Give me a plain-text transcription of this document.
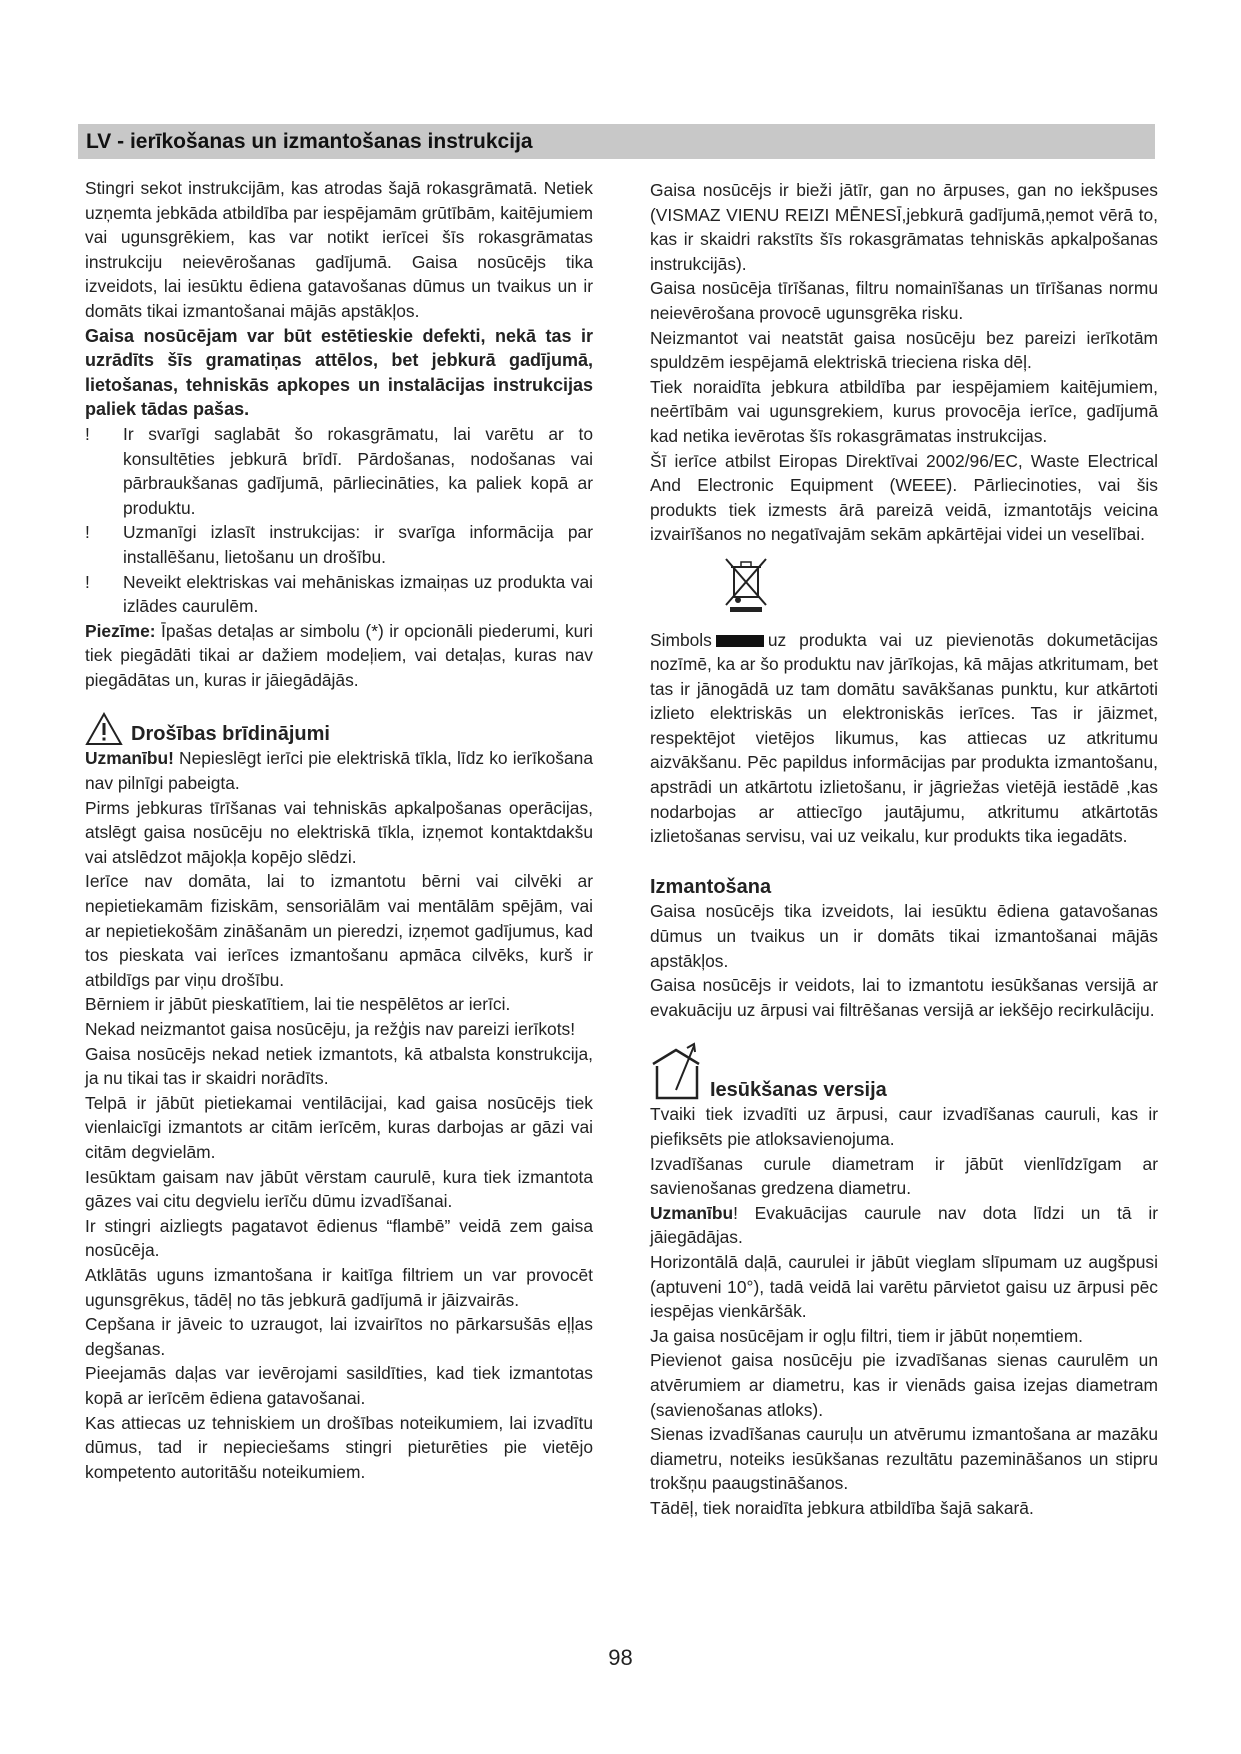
LV - ierīkošanas un izmantošanas instrukcija

Stingri sekot instrukcijām, kas atrodas šajā rokasgrāmatā. Netiek uzņemta jebkāda atbildība par iespējamām grūtībām, kaitējumiem vai ugunsgrēkiem, kas var notikt ierīcei šīs rokasgrāmatas instrukciju neievērošanas gadījumā. Gaisa nosūcējs tika izveidots, lai iesūktu ēdiena gatavošanas dūmus un tvaikus un ir domāts tikai izmantošanai mājās apstākļos.

Gaisa nosūcējam var būt estētieskie defekti, nekā tas ir uzrādīts šīs gramatiņas attēlos, bet jebkurā gadījumā, lietošanas, tehniskās apkopes un instalācijas instrukcijas paliek tādas pašas.

!	Ir svarīgi saglabāt šo rokasgrāmatu, lai varētu ar to konsultēties jebkurā brīdī. Pārdošanas, nodošanas vai pārbraukšanas gadījumā, pārliecināties, ka paliek kopā ar produktu.
!	Uzmanīgi izlasīt instrukcijas: ir svarīga informācija par installēšanu, lietošanu un drošību.
!	Neveikt elektriskas vai mehāniskas izmaiņas uz produkta vai izlādes caurulēm.

Piezīme: Īpašas detaļas ar simbolu (*) ir opcionāli piederumi, kuri tiek piegādāti tikai ar dažiem modeļiem, vai detaļas, kuras nav piegādātas un, kuras ir jāiegādājās.

Drošības brīdinājumi

Uzmanību! Nepieslēgt ierīci pie elektriskā tīkla, līdz ko ierīkošana nav pilnīgi pabeigta.

Pirms jebkuras tīrīšanas vai tehniskās apkalpošanas operācijas, atslēgt gaisa nosūcēju no elektriskā tīkla, izņemot kontaktdakšu vai atslēdzot mājokļa kopējo slēdzi.

Ierīce nav domāta, lai to izmantotu bērni vai cilvēki ar nepietiekamām fiziskām, sensoriālām vai mentālām spējām, vai ar nepietiekošām zināšanām un pieredzi, izņemot gadījumus, kad tos pieskata vai ierīces izmantošanu apmāca cilvēks, kurš ir atbildīgs par viņu drošību.

Bērniem ir jābūt pieskatītiem, lai tie nespēlētos ar ierīci.

Nekad neizmantot gaisa nosūcēju, ja režģis nav pareizi ierīkots!

Gaisa nosūcējs nekad netiek izmantots, kā atbalsta konstrukcija, ja nu tikai tas ir skaidri norādīts.

Telpā ir jābūt pietiekamai ventilācijai, kad gaisa nosūcējs tiek vienlaicīgi izmantots ar citām ierīcēm, kuras darbojas ar gāzi vai citām degvielām.

Iesūktam gaisam nav jābūt vērstam caurulē, kura tiek izmantota gāzes vai citu degvielu ierīču dūmu izvadīšanai.

Ir stingri aizliegts pagatavot ēdienus “flambē” veidā zem gaisa nosūcēja.

Atklātās uguns izmantošana ir kaitīga filtriem un var provocēt ugunsgrēkus, tādēļ no tās jebkurā gadījumā ir jāizvairās.

Cepšana ir jāveic to uzraugot, lai izvairītos no pārkarsušās eļļas degšanas.

Pieejamās daļas var ievērojami sasildīties, kad tiek izmantotas kopā ar ierīcēm ēdiena gatavošanai.

Kas attiecas uz tehniskiem un drošības noteikumiem, lai izvadītu dūmus, tad ir nepieciešams stingri pieturēties pie vietējo kompetento autoritāšu noteikumiem.

Gaisa nosūcējs ir bieži jātīr, gan no ārpuses, gan no iekšpuses (VISMAZ VIENU REIZI MĒNESĪ,jebkurā gadījumā,ņemot vērā to, kas ir skaidri rakstīts šīs rokasgrāmatas tehniskās apkalpošanas instrukcijās).

Gaisa nosūcēja tīrīšanas, filtru nomainīšanas un tīrīšanas normu neievērošana provocē ugunsgrēka risku.

Neizmantot vai neatstāt gaisa nosūcēju bez pareizi ierīkotām spuldzēm iespējamā elektriskā trieciena riska dēļ.

Tiek noraidīta jebkura atbildība par iespējamiem kaitējumiem, neērtībām vai ugunsgrekiem, kurus provocēja ierīce, gadījumā kad netika ievērotas šīs rokasgrāmatas instrukcijas.

Šī ierīce atbilst Eiropas Direktīvai 2002/96/EC, Waste Electrical And Electronic Equipment (WEEE). Pārliecinoties, vai šis produkts tiek izmests ārā pareizā veidā, izmantotājs veicina izvairīšanos no negatīvajām sekām apkārtējai videi un veselībai.

Simbols	uz produkta vai uz pievienotās dokumetācijas nozīmē, ka ar šo produktu nav jārīkojas, kā mājas atkritumam, bet tas ir jānogādā uz tam domātu savākšanas punktu, kur atkārtoti izlieto elektriskās un elektroniskās ierīces. Tas ir jāizmet, respektējot vietējos likumus, kas attiecas uz atkritumu aizvākšanu. Pēc papildus informācijas par produkta izmantošanu, apstrādi un atkārtotu izlietošanu, ir jāgriežas vietējā iestādē ,kas nodarbojas ar attiecīgo jautājumu, atkritumu atkārtotās izlietošanas servisu, vai uz veikalu, kur produkts tika iegadāts.

Izmantošana

Gaisa nosūcējs tika izveidots, lai iesūktu ēdiena gatavošanas dūmus un tvaikus un ir domāts tikai izmantošanai mājās apstākļos.

Gaisa nosūcējs ir veidots, lai to izmantotu iesūkšanas versijā ar evakuāciju uz ārpusi vai filtrēšanas versijā ar iekšējo recirkulāciju.

Iesūkšanas versija

Tvaiki tiek izvadīti uz ārpusi, caur izvadīšanas cauruli, kas ir piefiksēts pie atloksavienojuma.

Izvadīšanas curule diametram ir jābūt vienlīdzīgam ar savienošanas gredzena diametru.

Uzmanību! Evakuācijas caurule nav dota līdzi un tā ir jāiegādājas.

Horizontālā daļā, caurulei ir jābūt vieglam slīpumam uz augšpusi (aptuveni 10°), tadā veidā lai varētu pārvietot gaisu uz ārpusi pēc iespējas vienkāršāk.

Ja gaisa nosūcējam ir ogļu filtri, tiem ir jābūt noņemtiem.

Pievienot gaisa nosūcēju pie izvadīšanas sienas caurulēm un atvērumiem ar diametru, kas ir vienāds gaisa izejas diametram (savienošanas atloks).

Sienas izvadīšanas cauruļu un atvērumu izmantošana ar mazāku diametru, noteiks iesūkšanas rezultātu pazemināšanos un stipru trokšņu paaugstināšanos.

Tādēļ, tiek noraidīta jebkura atbildība šajā sakarā.

98
